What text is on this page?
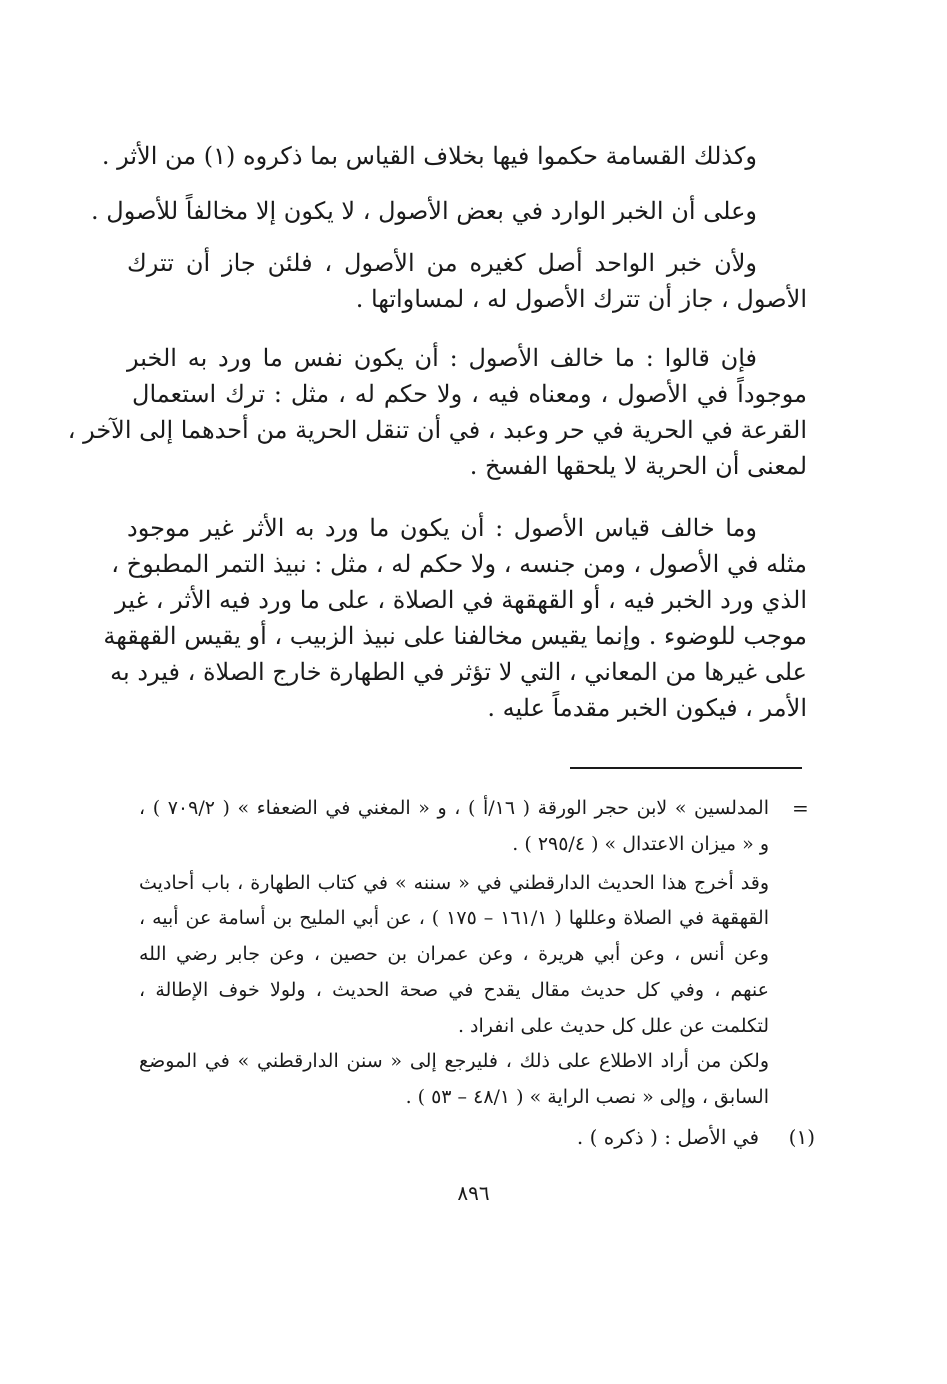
وكذلك القسامة حكموا فيها بخلاف القياس بما ذكروه (١) من الأثر .
وعلى أن الخبر الوارد في بعض الأصول ، لا يكون إلا مخالفاً للأصول .
ولأن خبر الواحد أصل كغيره من الأصول ، فلئن جاز أن تترك
الأصول ، جاز أن تترك الأصول له ، لمساواتها .
فإن قالوا : ما خالف الأصول : أن يكون نفس ما ورد به الخبر
موجوداً في الأصول ، ومعناه فيه ، ولا حكم له ، مثل : ترك استعمال
القرعة في الحرية في حر وعبد ، في أن تنقل الحرية من أحدهما إلى الآخر ،
لمعنى أن الحرية لا يلحقها الفسخ .
وما خالف قياس الأصول : أن يكون ما ورد به الأثر غير موجود
مثله في الأصول ، ومن جنسه ، ولا حكم له ، مثل : نبيذ التمر المطبوخ ،
الذي ورد الخبر فيه ، أو القهقهة في الصلاة ، على ما ورد فيه الأثر ، غير
موجب للوضوء . وإنما يقيس مخالفنا على نبيذ الزبيب ، أو يقيس القهقهة
على غيرها من المعاني ، التي لا تؤثر في الطهارة خارج الصلاة ، فيرد به
الأمر ، فيكون الخبر مقدماً عليه .
=
المدلسين » لابن حجر الورقة ( ١٦/أ ) ، و « المغني في الضعفاء » ( ٧٠٩/٢ ) ،
و « ميزان الاعتدال » ( ٢٩٥/٤ ) .
وقد أخرج هذا الحديث الدارقطني في « سننه » في كتاب الطهارة ، باب أحاديث
القهقهة في الصلاة وعللها ( ١٦١/١ – ١٧٥ ) ، عن أبي المليح بن أسامة عن أبيه ،
وعن أنس ، وعن أبي هريرة ، وعن عمران بن حصين ، وعن جابر رضي الله
عنهم ، وفي كل حديث مقال يقدح في صحة الحديث ، ولولا خوف الإطالة ،
لتكلمت عن علل كل حديث على انفراد .
ولكن من أراد الاطلاع على ذلك ، فليرجع إلى « سنن الدارقطني » في الموضع
السابق ، وإلى « نصب الراية » ( ٤٨/١ – ٥٣ ) .
(١)
في الأصل : ( ذكره ) .
٨٩٦
